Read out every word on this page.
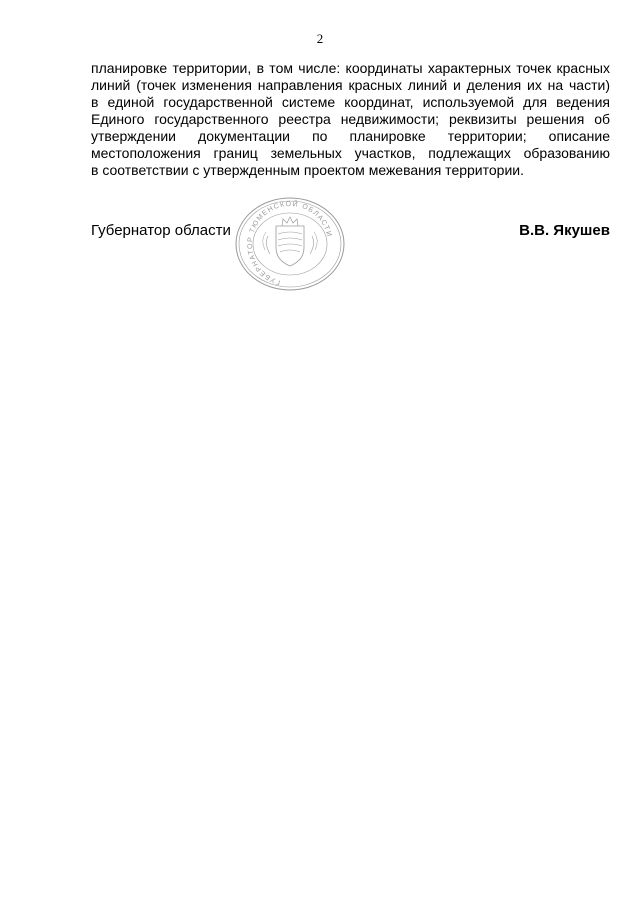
2
планировке территории, в том числе: координаты характерных точек красных
линий (точек изменения направления красных линий и деления их на части)
в единой государственной системе координат, используемой для ведения
Единого государственного реестра недвижимости; реквизиты решения об
утверждении документации по планировке территории; описание
местоположения границ земельных участков, подлежащих образованию
в соответствии с утвержденным проектом межевания территории.
ГУБЕРНАТОР ТЮМЕНСКОЙ ОБЛАСТИ
Губернатор области	В.В. Якушев
